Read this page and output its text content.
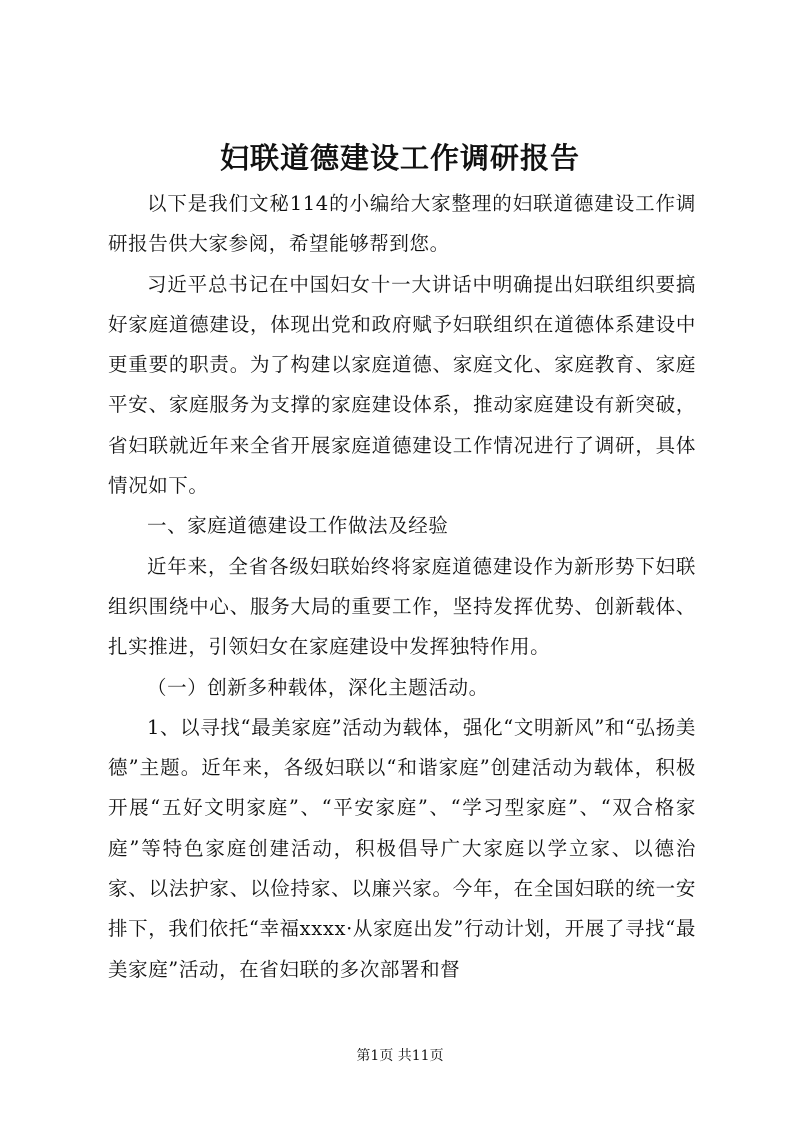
妇联道德建设工作调研报告

以下是我们文秘114的小编给大家整理的妇联道德建设工作调研报告供大家参阅，希望能够帮到您。

习近平总书记在中国妇女十一大讲话中明确提出妇联组织要搞好家庭道德建设，体现出党和政府赋予妇联组织在道德体系建设中更重要的职责。为了构建以家庭道德、家庭文化、家庭教育、家庭平安、家庭服务为支撑的家庭建设体系，推动家庭建设有新突破，省妇联就近年来全省开展家庭道德建设工作情况进行了调研，具体情况如下。

一、家庭道德建设工作做法及经验

近年来，全省各级妇联始终将家庭道德建设作为新形势下妇联组织围绕中心、服务大局的重要工作，坚持发挥优势、创新载体、扎实推进，引领妇女在家庭建设中发挥独特作用。

（一）创新多种载体，深化主题活动。

1、以寻找“最美家庭”活动为载体，强化“文明新风”和“弘扬美德”主题。近年来，各级妇联以“和谐家庭”创建活动为载体，积极开展“五好文明家庭”、“平安家庭”、“学习型家庭”、“双合格家庭”等特色家庭创建活动，积极倡导广大家庭以学立家、以德治家、以法护家、以俭持家、以廉兴家。今年，在全国妇联的统一安排下，我们依托“幸福xxxx·从家庭出发”行动计划，开展了寻找“最美家庭”活动，在省妇联的多次部署和督

第1页 共11页
